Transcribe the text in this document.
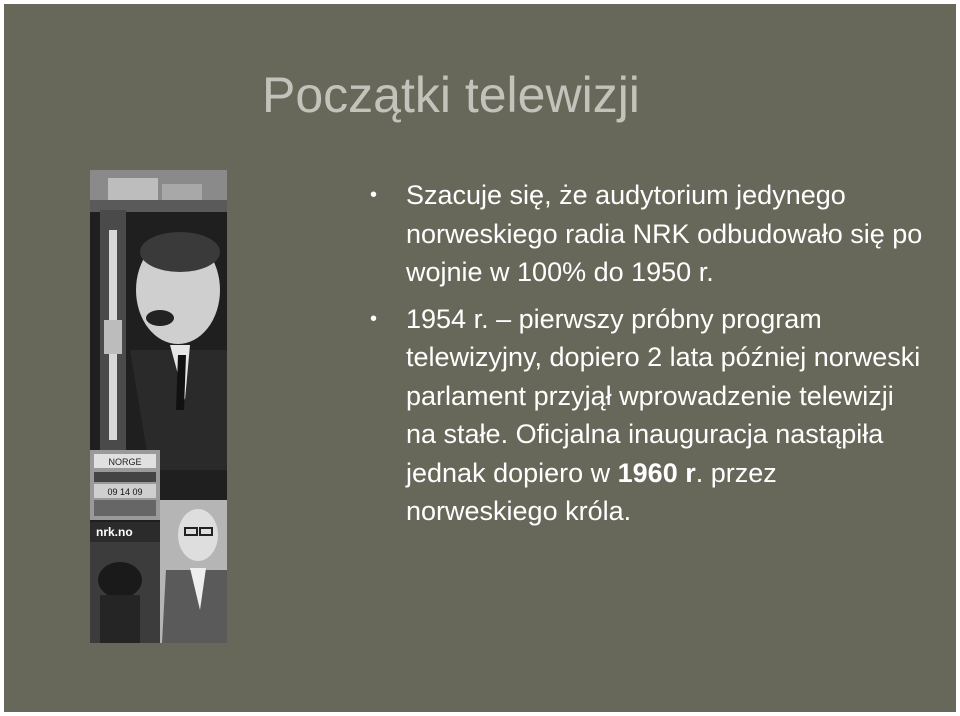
Początki telewizji
NORGE
09 14 09
nrk.no
• Szacuje się, że audytorium jedynego norweskiego radia NRK odbudowało się po wojnie w 100% do 1950 r.
• 1954 r. – pierwszy próbny program telewizyjny, dopiero 2 lata później norweski parlament przyjął wprowadzenie telewizji na stałe. Oficjalna inauguracja nastąpiła jednak dopiero w 1960 r. przez norweskiego króla.
